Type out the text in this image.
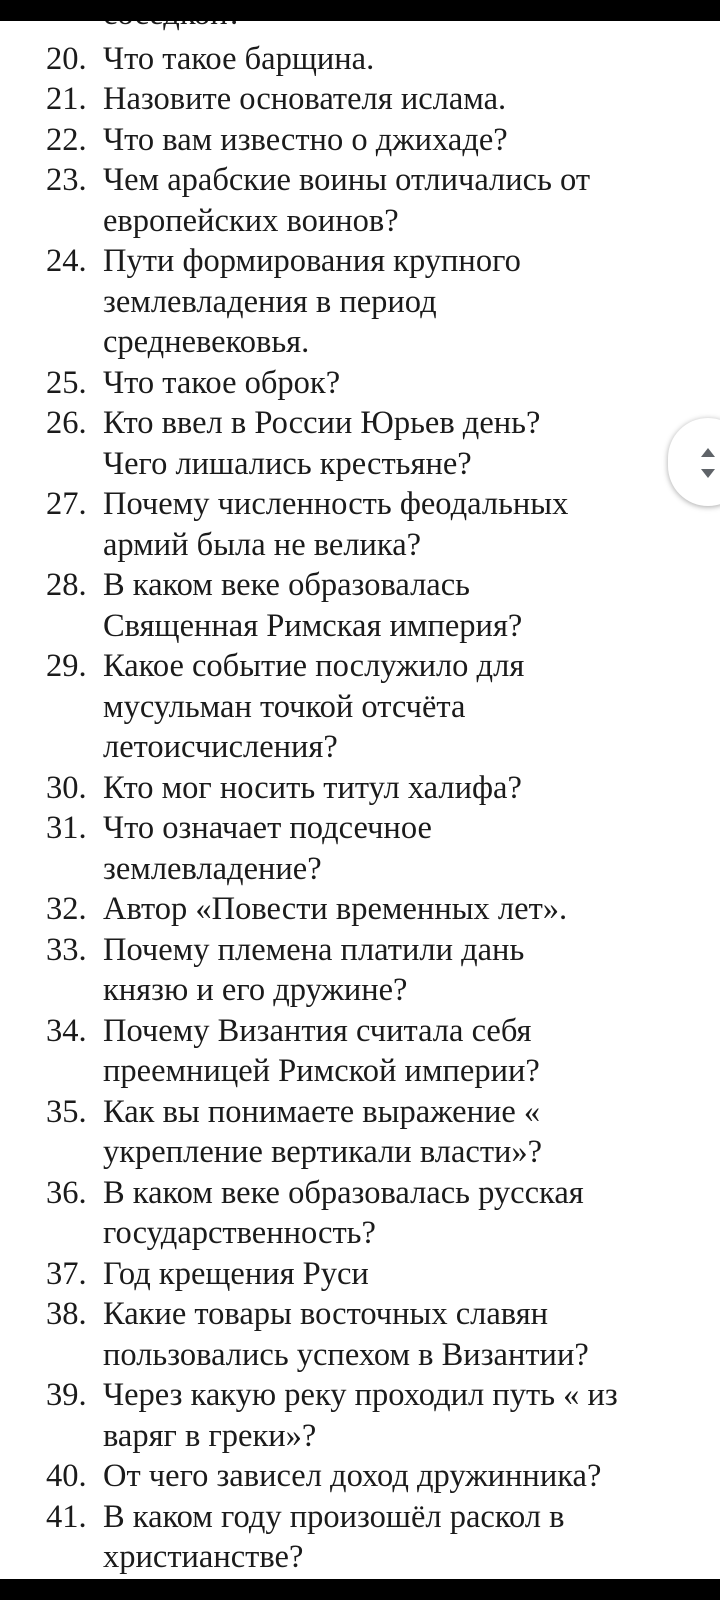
20. Что такое барщина.
21. Назовите основателя ислама.
22. Что вам известно о джихаде?
23. Чем арабские воины отличались от
европейских воинов?
24. Пути формирования крупного
землевладения в период
средневековья.
25. Что такое оброк?
26. Кто ввел в России Юрьев день?
Чего лишались крестьяне?
27. Почему численность феодальных
армий была не велика?
28. В каком веке образовалась
Священная Римская империя?
29. Какое событие послужило для
мусульман точкой отсчёта
летоисчисления?
30. Кто мог носить титул халифа?
31. Что означает подсечное
землевладение?
32. Автор «Повести временных лет».
33. Почему племена платили дань
князю и его дружине?
34. Почему Византия считала себя
преемницей Римской империи?
35. Как вы понимаете выражение «
укрепление вертикали власти»?
36. В каком веке образовалась русская
государственность?
37. Год крещения Руси
38. Какие товары восточных славян
пользовались успехом в Византии?
39. Через какую реку проходил путь « из
варяг в греки»?
40. От чего зависел доход дружинника?
41. В каком году произошёл раскол в
христианстве?
